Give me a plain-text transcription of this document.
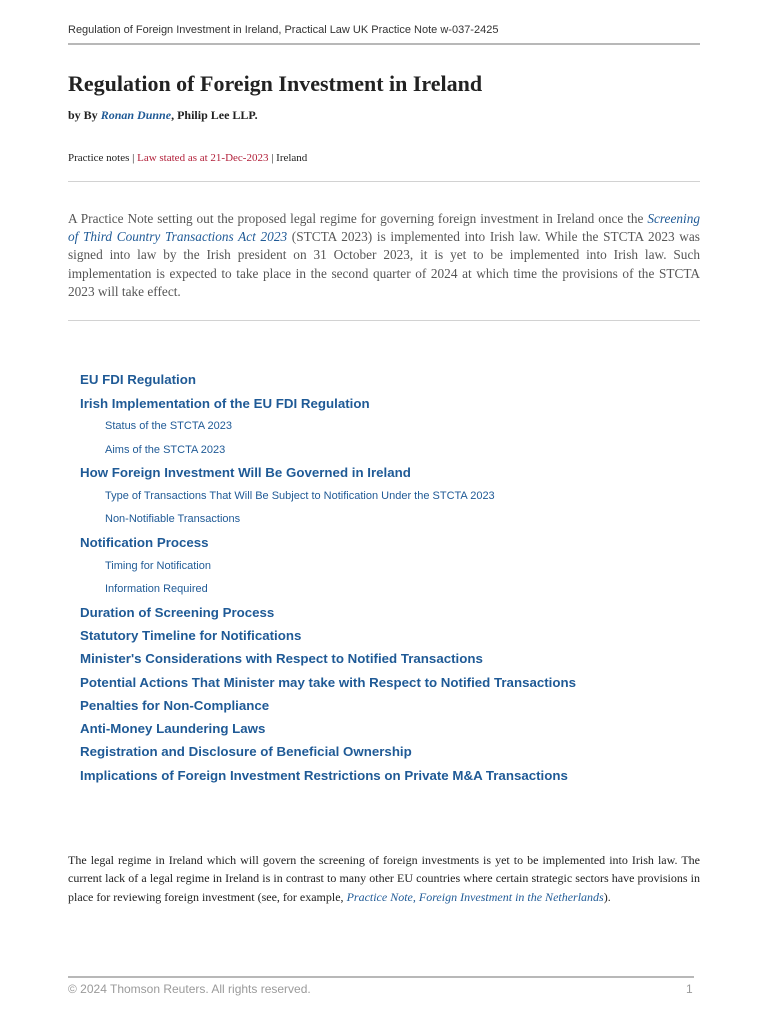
Regulation of Foreign Investment in Ireland, Practical Law UK Practice Note w-037-2425
Regulation of Foreign Investment in Ireland
by By Ronan Dunne, Philip Lee LLP.
Practice notes | Law stated as at 21-Dec-2023 | Ireland

A Practice Note setting out the proposed legal regime for governing foreign investment in Ireland once the Screening of Third Country Transactions Act 2023 (STCTA 2023) is implemented into Irish law. While the STCTA 2023 was signed into law by the Irish president on 31 October 2023, it is yet to be implemented into Irish law. Such implementation is expected to take place in the second quarter of 2024 at which time the provisions of the STCTA 2023 will take effect.

EU FDI Regulation
Irish Implementation of the EU FDI Regulation
Status of the STCTA 2023
Aims of the STCTA 2023
How Foreign Investment Will Be Governed in Ireland
Type of Transactions That Will Be Subject to Notification Under the STCTA 2023
Non-Notifiable Transactions
Notification Process
Timing for Notification
Information Required
Duration of Screening Process
Statutory Timeline for Notifications
Minister's Considerations with Respect to Notified Transactions
Potential Actions That Minister may take with Respect to Notified Transactions
Penalties for Non-Compliance
Anti-Money Laundering Laws
Registration and Disclosure of Beneficial Ownership
Implications of Foreign Investment Restrictions on Private M&A Transactions

The legal regime in Ireland which will govern the screening of foreign investments is yet to be implemented into Irish law. The current lack of a legal regime in Ireland is in contrast to many other EU countries where certain strategic sectors have provisions in place for reviewing foreign investment (see, for example, Practice Note, Foreign Investment in the Netherlands).

© 2024 Thomson Reuters. All rights reserved.	1
